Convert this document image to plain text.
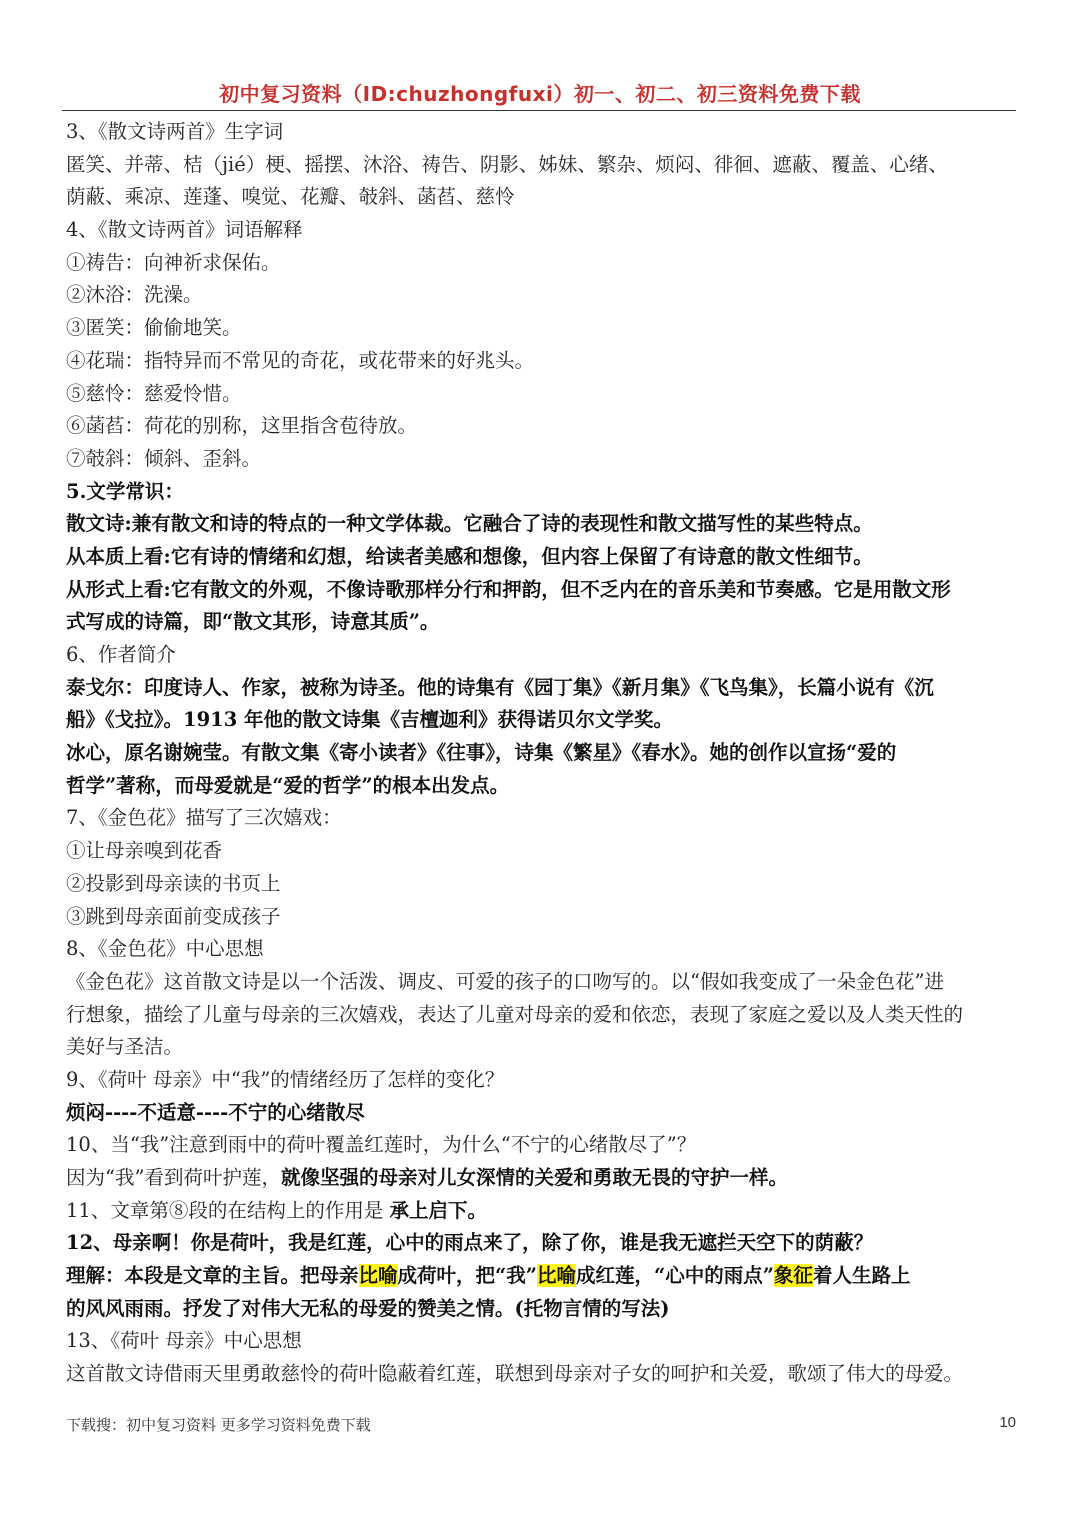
初中复习资料（ID:chuzhongfuxi）初一、初二、初三资料免费下载
3、《散文诗两首》生字词
匿笑、并蒂、桔（jié）梗、摇摆、沐浴、祷告、阴影、姊妹、繁杂、烦闷、徘徊、遮蔽、覆盖、心绪、
荫蔽、乘凉、莲蓬、嗅觉、花瓣、攲斜、菡萏、慈怜
4、《散文诗两首》词语解释
①祷告：向神祈求保佑。
②沐浴：洗澡。
③匿笑：偷偷地笑。
④花瑞：指特异而不常见的奇花，或花带来的好兆头。
⑤慈怜：慈爱怜惜。
⑥菡萏：荷花的别称，这里指含苞待放。
⑦攲斜：倾斜、歪斜。
5.文学常识：
散文诗:兼有散文和诗的特点的一种文学体裁。它融合了诗的表现性和散文描写性的某些特点。
从本质上看:它有诗的情绪和幻想，给读者美感和想像，但内容上保留了有诗意的散文性细节。
从形式上看:它有散文的外观，不像诗歌那样分行和押韵，但不乏内在的音乐美和节奏感。它是用散文形
式写成的诗篇，即“散文其形，诗意其质”。
6、作者简介
泰戈尔：印度诗人、作家，被称为诗圣。他的诗集有《园丁集》《新月集》《飞鸟集》，长篇小说有《沉
船》《戈拉》。1913 年他的散文诗集《吉檀迦利》获得诺贝尔文学奖。
冰心，原名谢婉莹。有散文集《寄小读者》《往事》，诗集《繁星》《春水》。她的创作以宣扬“爱的
哲学”著称，而母爱就是“爱的哲学”的根本出发点。
7、《金色花》描写了三次嬉戏：
①让母亲嗅到花香
②投影到母亲读的书页上
③跳到母亲面前变成孩子
8、《金色花》中心思想
《金色花》这首散文诗是以一个活泼、调皮、可爱的孩子的口吻写的。以“假如我变成了一朵金色花”进
行想象，描绘了儿童与母亲的三次嬉戏，表达了儿童对母亲的爱和依恋，表现了家庭之爱以及人类天性的
美好与圣洁。
9、《荷叶 母亲》中“我”的情绪经历了怎样的变化？
烦闷----不适意----不宁的心绪散尽
10、当“我”注意到雨中的荷叶覆盖红莲时，为什么“不宁的心绪散尽了”？
因为“我”看到荷叶护莲，就像坚强的母亲对儿女深情的关爱和勇敢无畏的守护一样。
11、文章第⑧段的在结构上的作用是 承上启下。
12、母亲啊！你是荷叶，我是红莲，心中的雨点来了，除了你，谁是我无遮拦天空下的荫蔽？
理解：本段是文章的主旨。把母亲比喻成荷叶，把“我”比喻成红莲，“心中的雨点”象征着人生路上
的风风雨雨。抒发了对伟大无私的母爱的赞美之情。(托物言情的写法)
13、《荷叶 母亲》中心思想
这首散文诗借雨天里勇敢慈怜的荷叶隐蔽着红莲，联想到母亲对子女的呵护和关爱，歌颂了伟大的母爱。
下载搜：初中复习资料 更多学习资料免费下载	10
